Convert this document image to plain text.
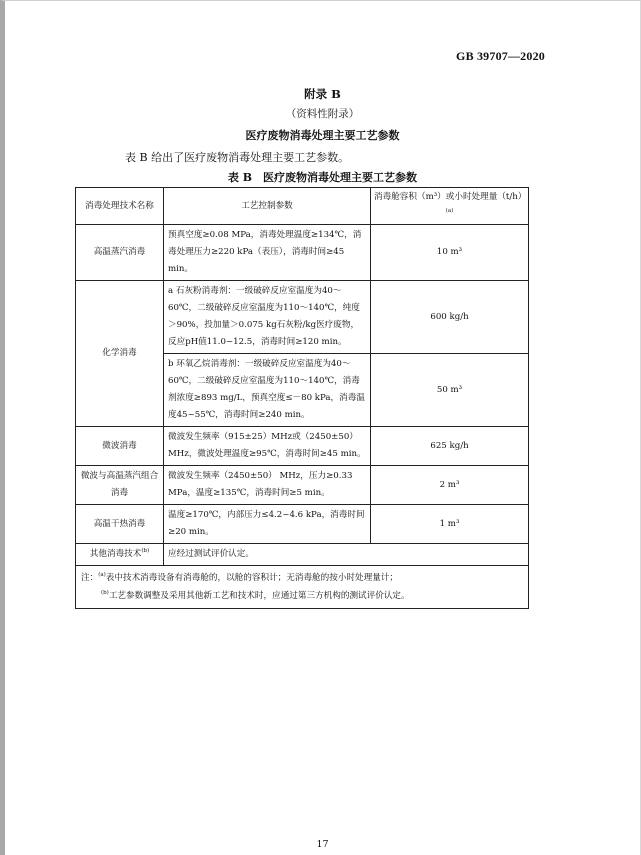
GB 39707—2020
附录 B
（资料性附录）
医疗废物消毒处理主要工艺参数
表 B 给出了医疗废物消毒处理主要工艺参数。
表 B　医疗废物消毒处理主要工艺参数
消毒处理技术名称	工艺控制参数	消毒舱容积（m³）或小时处理量$(t/h)^{(a)}$
高温蒸汽消毒	预真空度≥0.08 MPa，消毒处理温度≥134℃，消毒处理压力≥220 kPa（表压），消毒时间≥45 min。	10 m³
化学消毒	a 石灰粉消毒剂：一级破碎反应室温度为40～60℃，二级破碎反应室温度为110～140℃，纯度＞90%，投加量＞0.075 kg石灰粉/kg医疗废物，反应pH值11.0~12.5，消毒时间≥120 min。	600 kg/h
	b 环氧乙烷消毒剂：一级破碎反应室温度为40～60℃，二级破碎反应室温度为110～140℃，消毒剂浓度≥893 mg/L，预真空度≤－80 kPa，消毒温度45~55℃，消毒时间≥240 min。	50 m³
微波消毒	微波发生频率（915±25）MHz或（2450±50）MHz，微波处理温度≥95℃，消毒时间≥45 min。	625 kg/h
微波与高温蒸汽组合消毒	微波发生频率（2450±50） MHz，压力≥0.33 MPa，温度≥135℃，消毒时间≥5 min。	2 m³
高温干热消毒	温度≥170℃，内部压力≤4.2~4.6 kPa，消毒时间≥20 min。	1 m³
其他消毒技术$^{(b)}$	应经过测试评价认定。	

注：$^{(a)}$表中技术消毒设备有消毒舱的，以舱的容积计；无消毒舱的按小时处理量计；
$^{(b)}$工艺参数调整及采用其他新工艺和技术时，应通过第三方机构的测试评价认定。		
17
